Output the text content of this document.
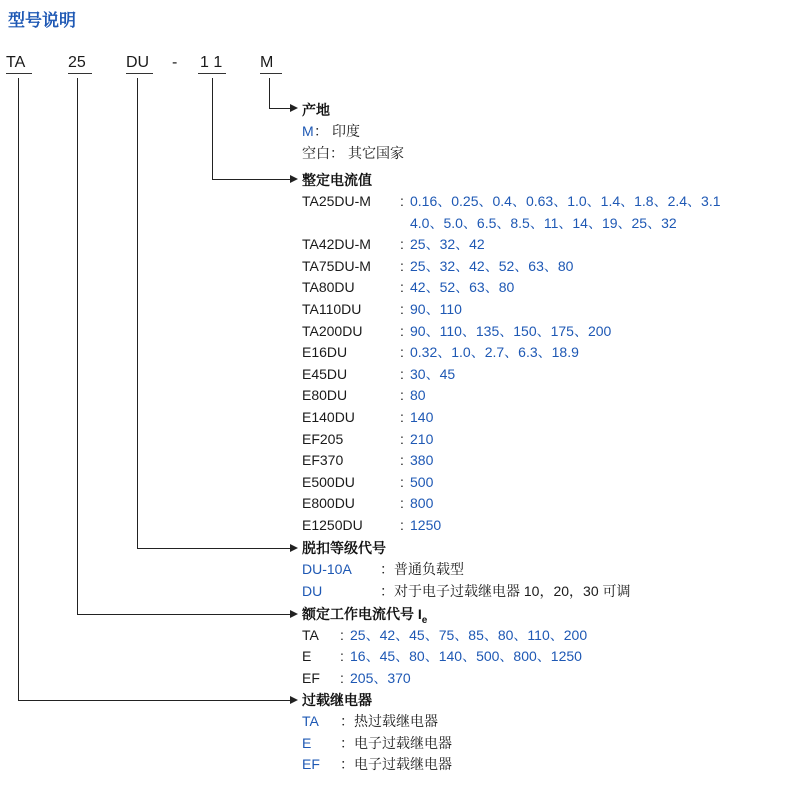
型号说明
TA	25	DU - 1 1 M
产地
M ： 印度
空白 ： 其它国家
整定电流值
TA25DU-M : 0.16、0.25、0.4、0.63、1.0、1.4、1.8、2.4、3.1
4.0、5.0、6.5、8.5、11、14、19、25、32
TA42DU-M : 25、32、42
TA75DU-M : 25、32、42、52、63、80
TA80DU	: 42、52、63、80
TA110DU	: 90、110
TA200DU	: 90、110、135、150、175、200
E16DU	: 0.32、1.0、2.7、6.3、18.9
E45DU	: 30、45
E80DU	: 80
E140DU	: 140
EF205	: 210
EF370	: 380
E500DU	: 500
E800DU	: 800
E1250DU	: 1250
脱扣等级代号
DU-10A ：普通负载型
DU	：对于电子过载继电器 10，20，30 可调
额定工作电流代号 $I_e$
TA : 25、42、45、75、85、80、110、200
E : 16、45、80、140、500、800、1250
EF : 205、370
过载继电器
TA ：热过载继电器
E ：电子过载继电器
EF ：电子过载继电器
